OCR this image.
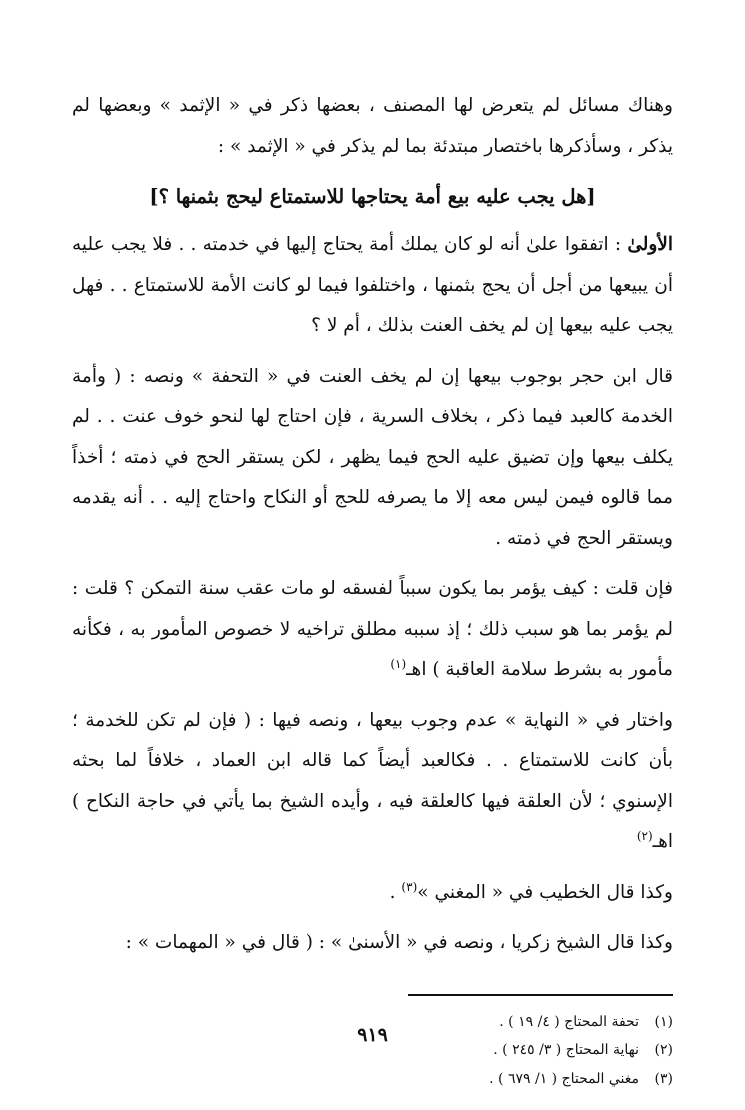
وهناك مسائل لم يتعرض لها المصنف ، بعضها ذكر في « الإثمد » وبعضها لم يذكر ، وسأذكرها باختصار مبتدئة بما لم يذكر في « الإثمد » :

[هل يجب عليه بيع أمة يحتاجها للاستمتاع ليحج بثمنها ؟]

الأولىٰ : اتفقوا علىٰ أنه لو كان يملك أمة يحتاج إليها في خدمته . . فلا يجب عليه أن يبيعها من أجل أن يحج بثمنها ، واختلفوا فيما لو كانت الأمة للاستمتاع . . فهل يجب عليه بيعها إن لم يخف العنت بذلك ، أم لا ؟

قال ابن حجر بوجوب بيعها إن لم يخف العنت في « التحفة » ونصه : ( وأمة الخدمة كالعبد فيما ذكر ، بخلاف السرية ، فإن احتاج لها لنحو خوف عنت . . لم يكلف بيعها وإن تضيق عليه الحج فيما يظهر ، لكن يستقر الحج في ذمته ؛ أخذاً مما قالوه فيمن ليس معه إلا ما يصرفه للحج أو النكاح واحتاج إليه . . أنه يقدمه ويستقر الحج في ذمته .

فإن قلت : كيف يؤمر بما يكون سبباً لفسقه لو مات عقب سنة التمكن ؟ قلت : لم يؤمر بما هو سبب ذلك ؛ إذ سببه مطلق تراخيه لا خصوص المأمور به ، فكأنه مأمور به بشرط سلامة العاقبة ) اهـ$^{(١)}$

واختار في « النهاية » عدم وجوب بيعها ، ونصه فيها : ( فإن لم تكن للخدمة ؛ بأن كانت للاستمتاع . . فكالعبد أيضاً كما قاله ابن العماد ، خلافاً لما بحثه الإسنوي ؛ لأن العلقة فيها كالعلقة فيه ، وأيده الشيخ بما يأتي في حاجة النكاح ) اهـ$^{(٢)}$

وكذا قال الخطيب في « المغني »$^{(٣)}$ .

وكذا قال الشيخ زكريا ، ونصه في « الأسنىٰ » : ( قال في « المهمات » :

(١)تحفة المحتاج ( ٤/ ١٩ ) .
(٢)نهاية المحتاج ( ٣/ ٢٤٥ ) .
(٣)مغني المحتاج ( ١/ ٦٧٩ ) .
٩١٩
